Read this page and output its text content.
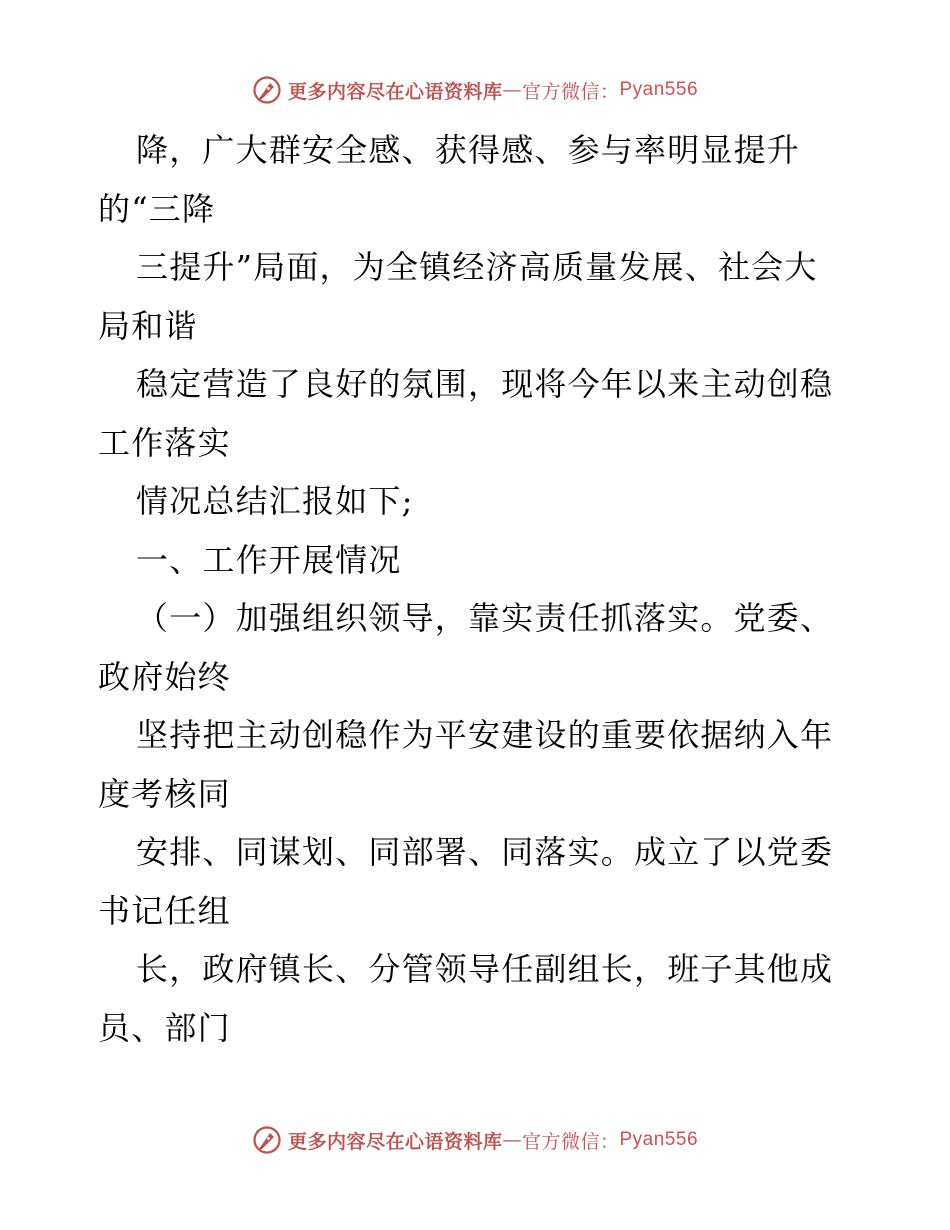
更多内容尽在心语资料库 — 官方微信： Pyan556
降，广大群安全感、获得感、参与率明显提升
的“三降
三提升”局面，为全镇经济高质量发展、社会大
局和谐
稳定营造了良好的氛围，现将今年以来主动创稳
工作落实
情况总结汇报如下;
一、工作开展情况
（一）加强组织领导，靠实责任抓落实。党委、
政府始终
坚持把主动创稳作为平安建设的重要依据纳入年
度考核同
安排、同谋划、同部署、同落实。成立了以党委
书记任组
长，政府镇长、分管领导任副组长，班子其他成
员、部门
更多内容尽在心语资料库 — 官方微信： Pyan556
